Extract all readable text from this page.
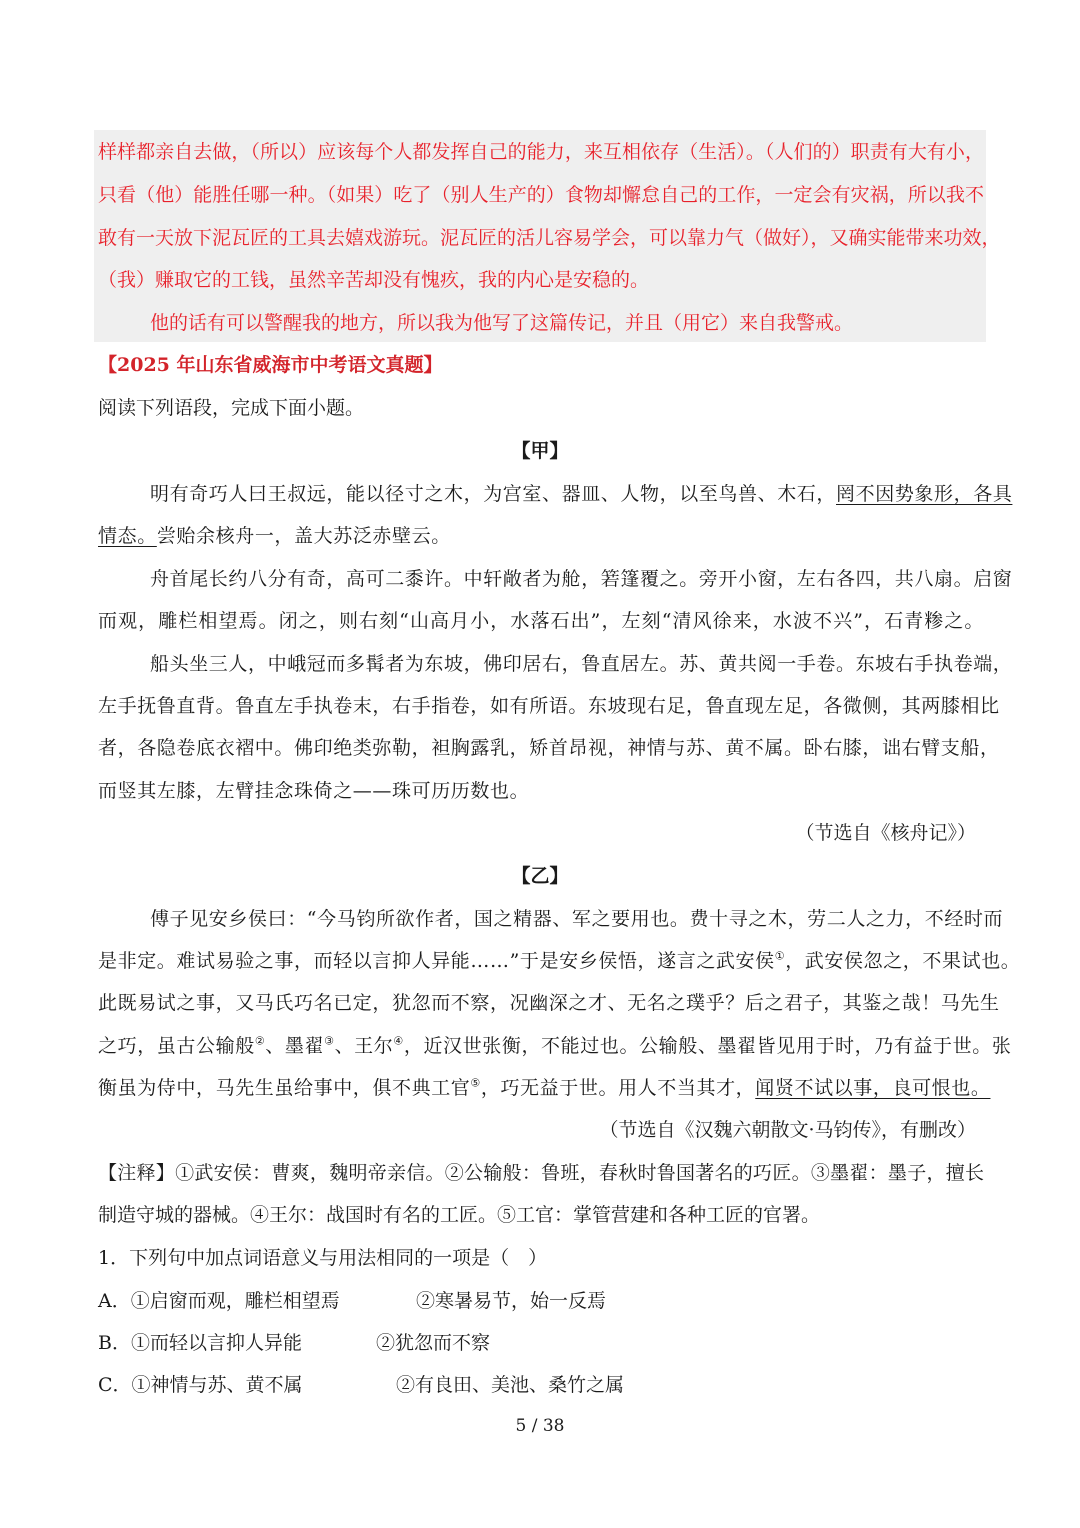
样样都亲自去做，（所以）应该每个人都发挥自己的能力，来互相依存（生活）。（人们的）职责有大有小，
只看（他）能胜任哪一种。（如果）吃了（别人生产的）食物却懈怠自己的工作，一定会有灾祸，所以我不
敢有一天放下泥瓦匠的工具去嬉戏游玩。泥瓦匠的活儿容易学会，可以靠力气（做好），又确实能带来功效，
（我）赚取它的工钱，虽然辛苦却没有愧疚，我的内心是安稳的。
他的话有可以警醒我的地方，所以我为他写了这篇传记，并且（用它）来自我警戒。
【2025 年山东省威海市中考语文真题】
阅读下列语段，完成下面小题。
【甲】
明有奇巧人曰王叔远，能以径寸之木，为宫室、器皿、人物，以至鸟兽、木石，罔不因势象形，各具
情态。尝贻余核舟一，盖大苏泛赤壁云。
舟首尾长约八分有奇，高可二黍许。中轩敞者为舱，箬篷覆之。旁开小窗，左右各四，共八扇。启窗
而观，雕栏相望焉。闭之，则右刻“山高月小，水落石出”，左刻“清风徐来，水波不兴”，石青糁之。
船头坐三人，中峨冠而多髯者为东坡，佛印居右，鲁直居左。苏、黄共阅一手卷。东坡右手执卷端，
左手抚鲁直背。鲁直左手执卷末，右手指卷，如有所语。东坡现右足，鲁直现左足，各微侧，其两膝相比
者，各隐卷底衣褶中。佛印绝类弥勒，袒胸露乳，矫首昂视，神情与苏、黄不属。卧右膝，诎右臂支船，
而竖其左膝，左臂挂念珠倚之——珠可历历数也。
（节选自《核舟记》）
【乙】
傅子见安乡侯曰：“今马钧所欲作者，国之精器、军之要用也。费十寻之木，劳二人之力，不经时而
是非定。难试易验之事，而轻以言抑人异能……”于是安乡侯悟，遂言之武安侯①，武安侯忽之，不果试也。
此既易试之事，又马氏巧名已定，犹忽而不察，况幽深之才、无名之璞乎？后之君子，其鉴之哉！马先生
之巧，虽古公输般②、墨翟③、王尔④，近汉世张衡，不能过也。公输般、墨翟皆见用于时，乃有益于世。张
衡虽为侍中，马先生虽给事中，俱不典工官⑤，巧无益于世。用人不当其才，闻贤不试以事，良可恨也。
（节选自《汉魏六朝散文·马钧传》，有删改）
【注释】①武安侯：曹爽，魏明帝亲信。②公输般：鲁班，春秋时鲁国著名的巧匠。③墨翟：墨子，擅长
制造守城的器械。④王尔：战国时有名的工匠。⑤工官：掌管营建和各种工匠的官署。
1．下列句中加点词语意义与用法相同的一项是（　）
A．①启窗而观，雕栏相望焉	②寒暑易节，始一反焉
B．①而轻以言抑人异能	②犹忽而不察
C．①神情与苏、黄不属	②有良田、美池、桑竹之属
5 / 38
